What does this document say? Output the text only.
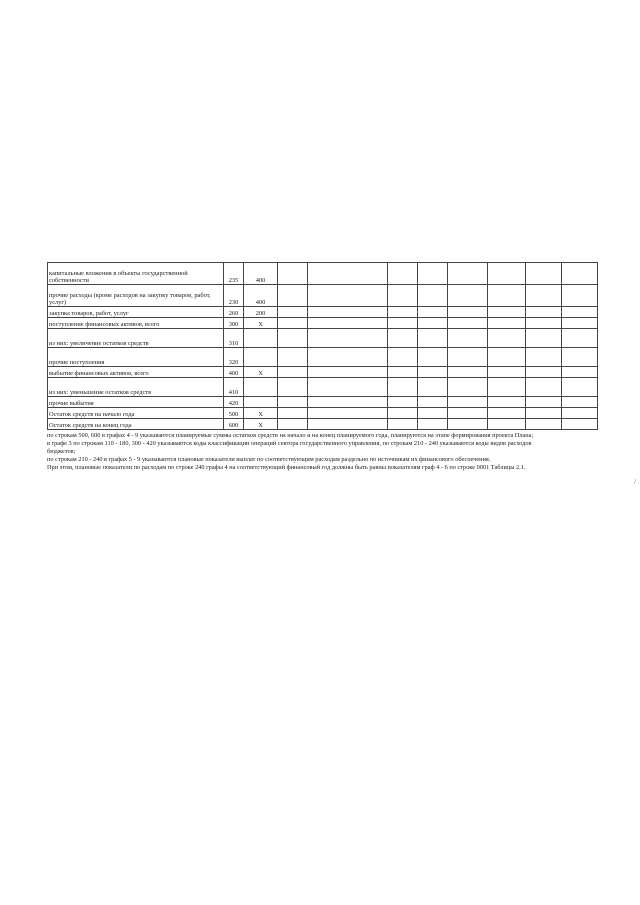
капитальные вложения в объекты государственной собственности	235	400								
прочие расходы (кроме расходов на закупку товаров, работ, услуг)	230	400								
закупка товаров, работ, услуг	260	200								
поступление финансовых активов, всего	300	X								
из них: увеличение остатков средств	310									
прочие поступления	320									
выбытие финансовых активов, всего	400	X								
из них: уменьшение остатков средств	410									
прочие выбытия	420									
Остаток средств на начало года	500	X								
Остаток средств на конец года	600	X								

по строкам 500, 600 в графах 4 - 9 указываются планируемые суммы остатков средств на начало и на конец планируемого года, планируются на этапе формирования проекта Плана;

в графе 3 по строкам 110 - 180, 300 - 420 указываются коды классификации операций сектора государственного управления, по строкам 210 - 240 указываются коды видов расходов бюджетов;

по строкам 210 - 240 в графах 5 - 9 указываются плановые показатели выплат по соответствующим расходам раздельно по источникам их финансового обеспечения.

При этом, плановые показатели по расходам по строке 240 графы 4 на соответствующий финансовый год должны быть равны показателям граф 4 - 6 по строке 0001 Таблицы 2.1.

/
